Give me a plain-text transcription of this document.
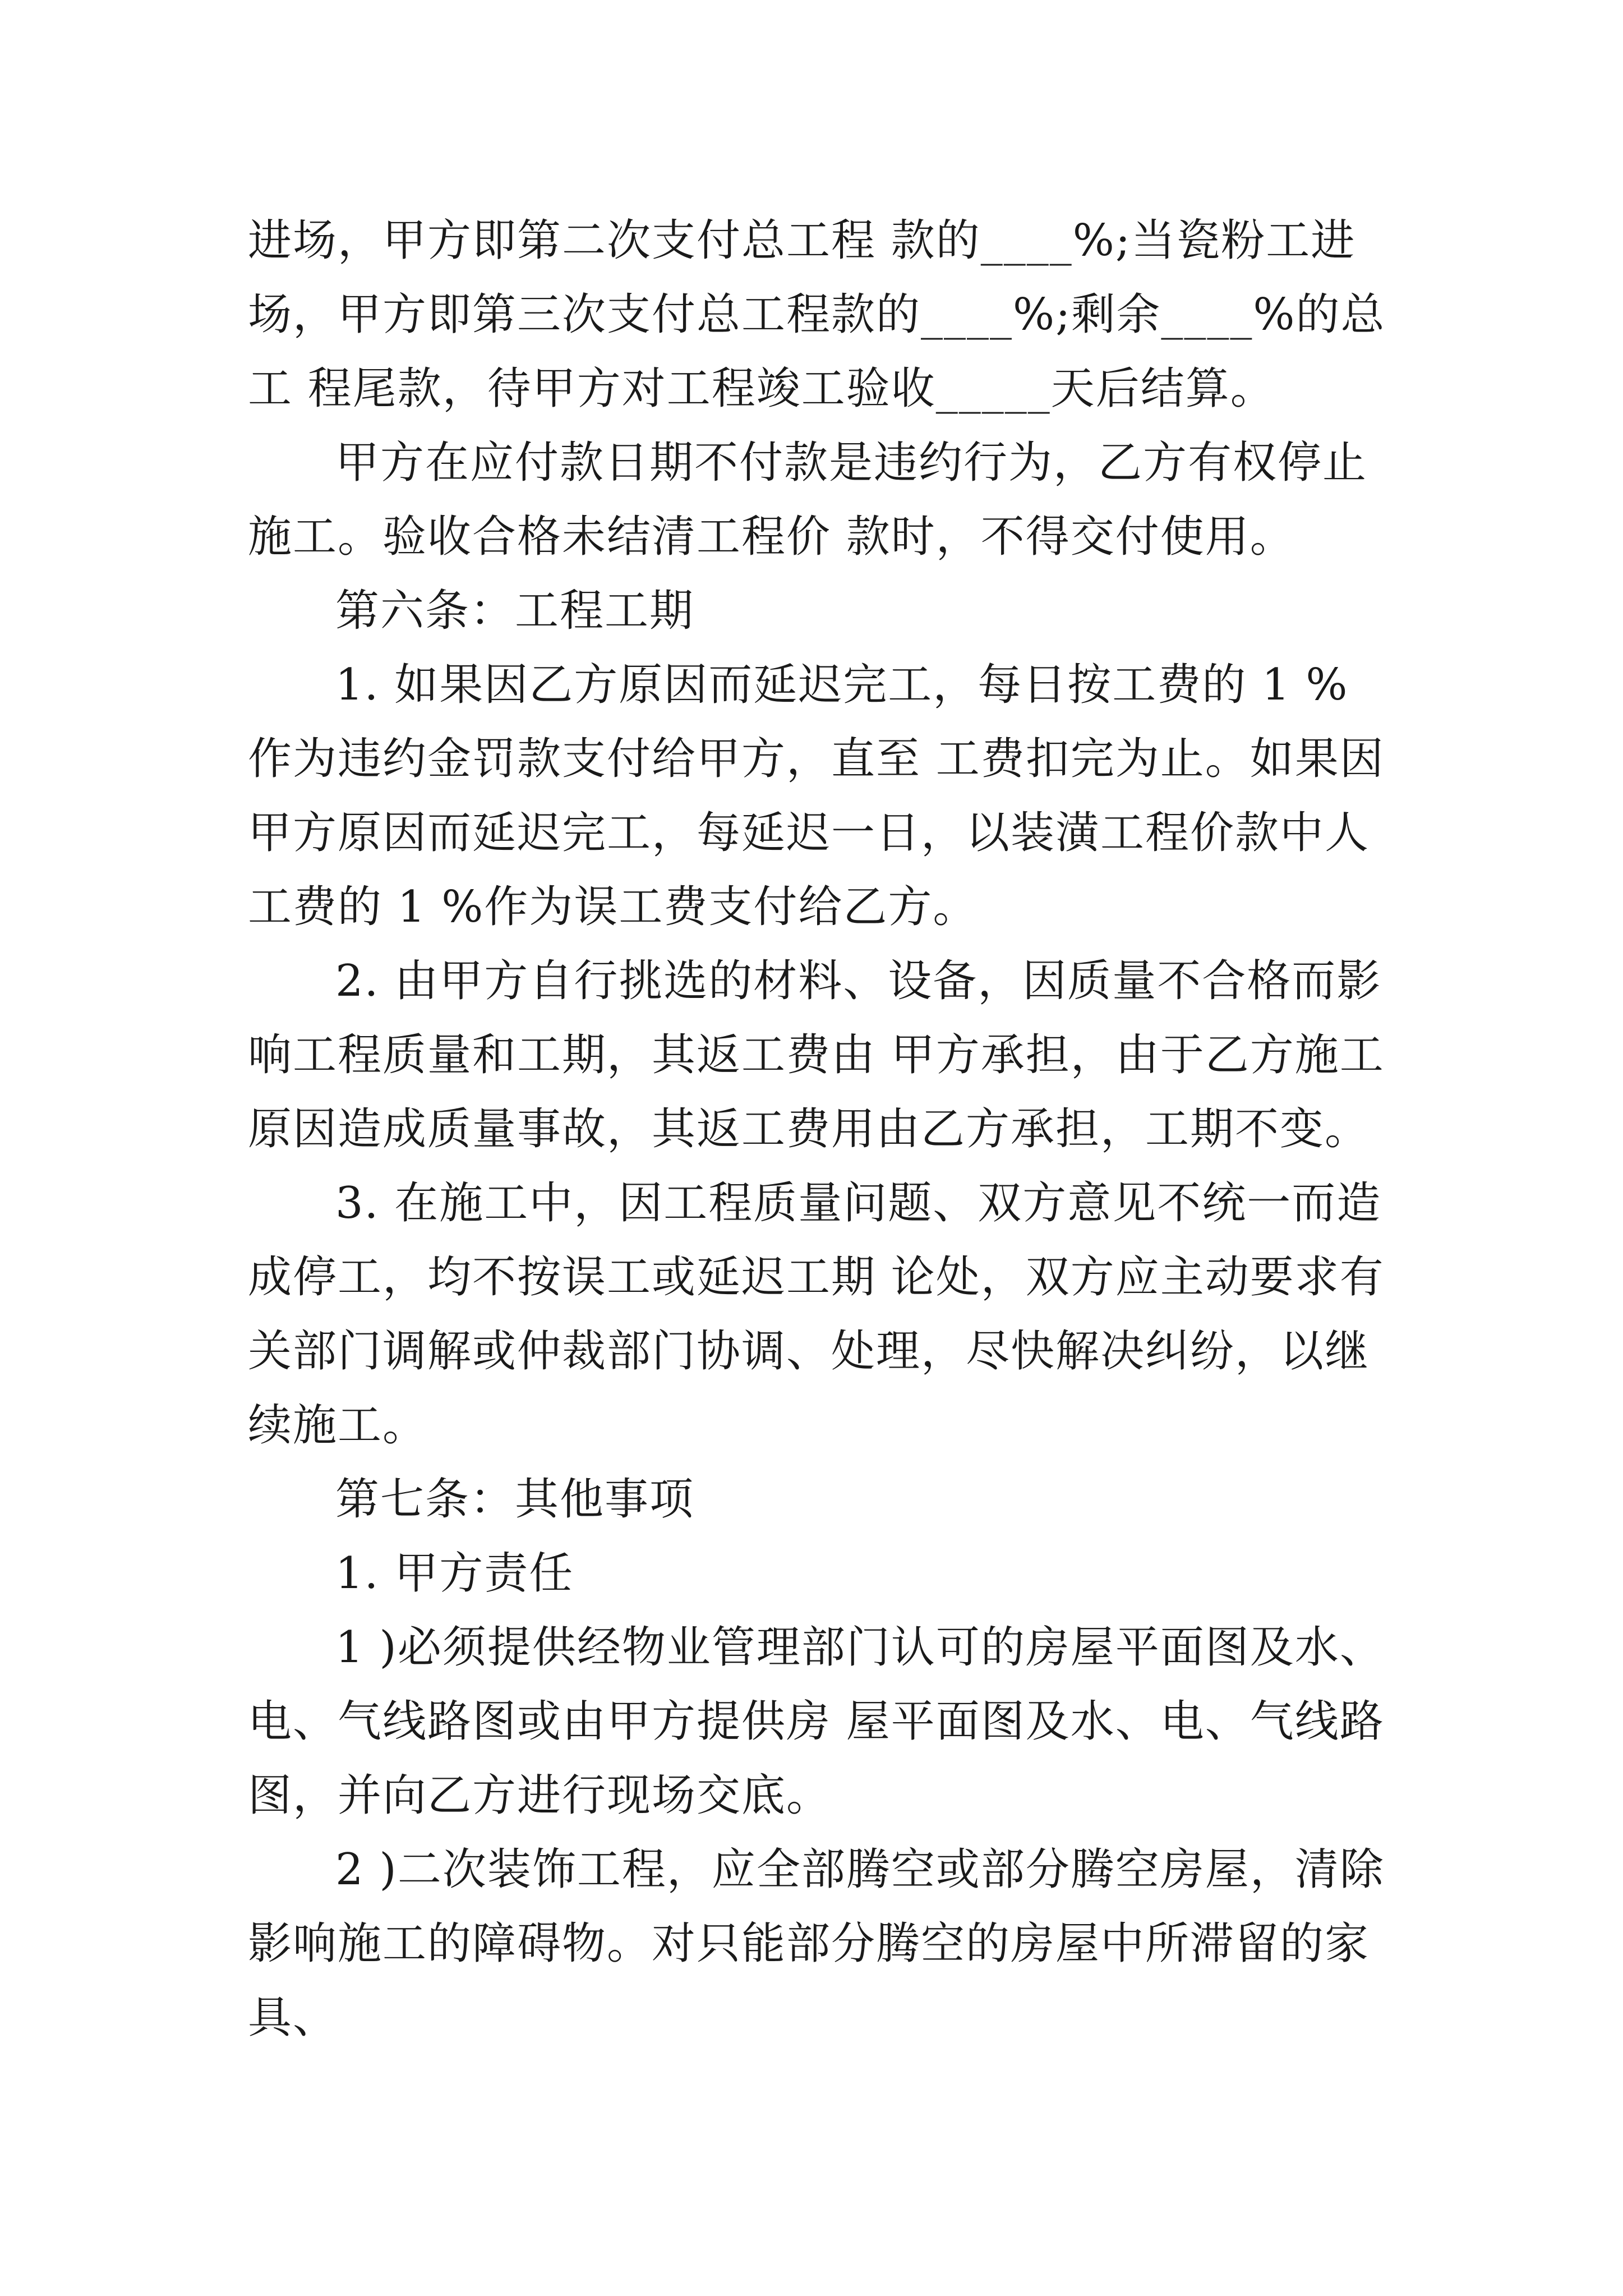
进场，甲方即第二次支付总工程 款的____%;当瓷粉工进场，甲方即第三次支付总工程款的____%;剩余____%的总工 程尾款，待甲方对工程竣工验收_____天后结算。

甲方在应付款日期不付款是违约行为，乙方有权停止施工。验收合格未结清工程价 款时，不得交付使用。

第六条：工程工期

1. 如果因乙方原因而延迟完工，每日按工费的 1 %作为违约金罚款支付给甲方，直至 工费扣完为止。如果因甲方原因而延迟完工，每延迟一日，以装潢工程价款中人工费的 1 %作为误工费支付给乙方。

2. 由甲方自行挑选的材料、设备，因质量不合格而影响工程质量和工期，其返工费由 甲方承担，由于乙方施工原因造成质量事故，其返工费用由乙方承担，工期不变。

3. 在施工中，因工程质量问题、双方意见不统一而造成停工，均不按误工或延迟工期 论处，双方应主动要求有关部门调解或仲裁部门协调、处理，尽快解决纠纷，以继续施工。

第七条：其他事项

1. 甲方责任

1 )必须提供经物业管理部门认可的房屋平面图及水、电、气线路图或由甲方提供房 屋平面图及水、电、气线路图，并向乙方进行现场交底。

2 )二次装饰工程，应全部腾空或部分腾空房屋，清除影响施工的障碍物。对只能部分腾空的房屋中所滞留的家具、
